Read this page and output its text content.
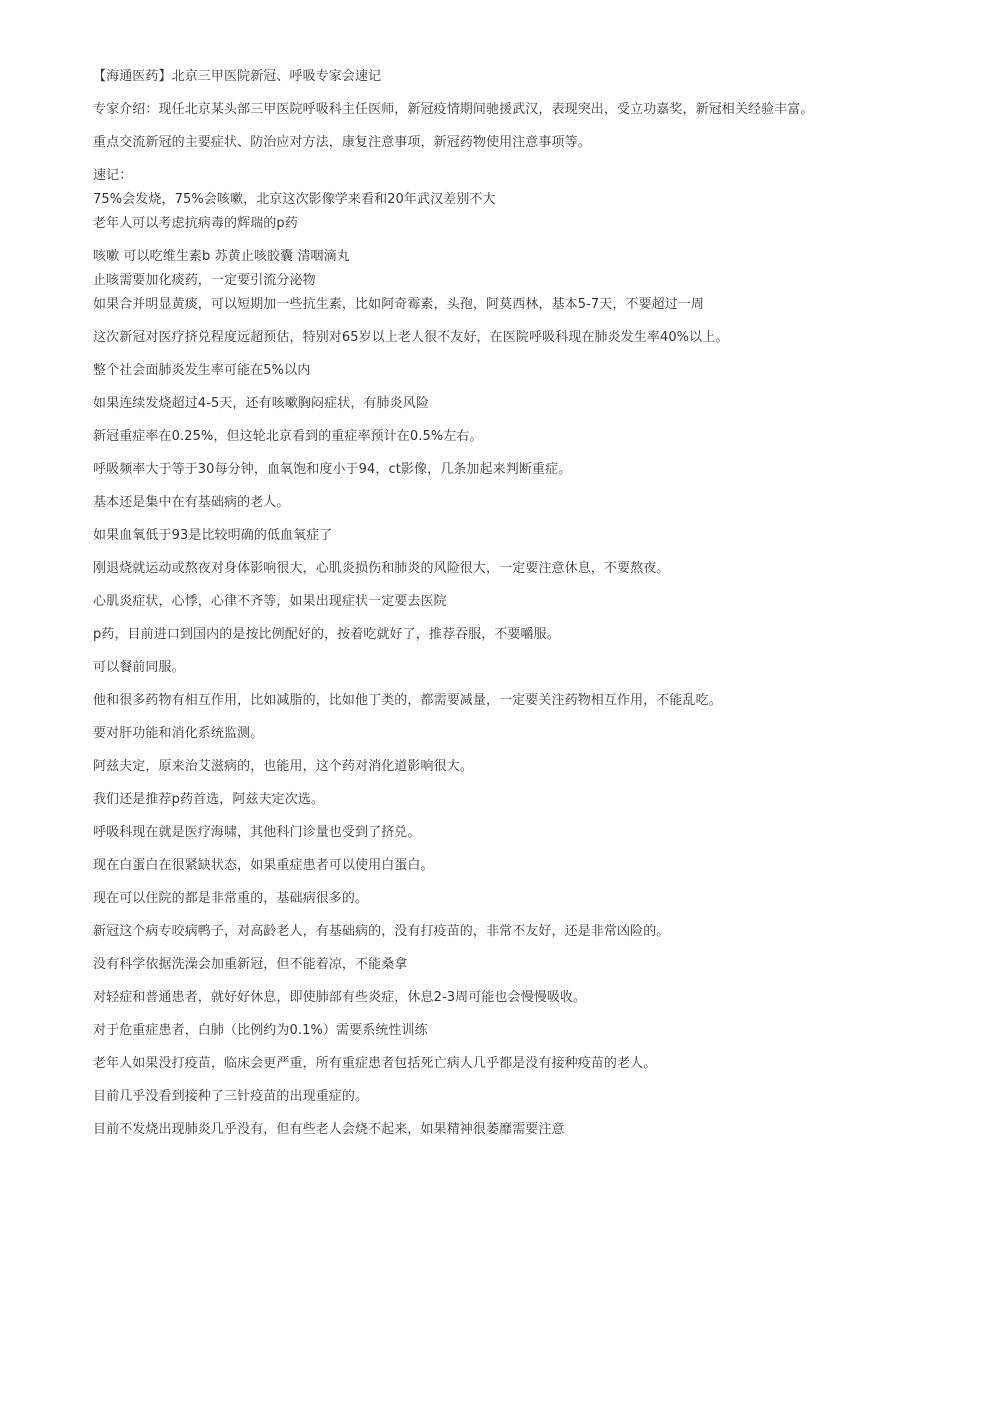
【海通医药】北京三甲医院新冠、呼吸专家会速记
专家介绍：现任北京某头部三甲医院呼吸科主任医师，新冠疫情期间驰援武汉，表现突出，受立功嘉奖，新冠相关经验丰富。
重点交流新冠的主要症状、防治应对方法，康复注意事项，新冠药物使用注意事项等。
速记：
75%会发烧，75%会咳嗽，北京这次影像学来看和20年武汉差别不大
老年人可以考虑抗病毒的辉瑞的p药
咳嗽 可以吃维生素b 苏黄止咳胶囊 清咽滴丸
止咳需要加化痰药，一定要引流分泌物
如果合并明显黄痰，可以短期加一些抗生素，比如阿奇霉素，头孢，阿莫西林，基本5-7天，不要超过一周
这次新冠对医疗挤兑程度远超预估，特别对65岁以上老人很不友好，在医院呼吸科现在肺炎发生率40%以上。
整个社会面肺炎发生率可能在5%以内
如果连续发烧超过4-5天，还有咳嗽胸闷症状，有肺炎风险
新冠重症率在0.25%，但这轮北京看到的重症率预计在0.5%左右。
呼吸频率大于等于30每分钟，血氧饱和度小于94，ct影像，几条加起来判断重症。
基本还是集中在有基础病的老人。
如果血氧低于93是比较明确的低血氧症了
刚退烧就运动或熬夜对身体影响很大，心肌炎损伤和肺炎的风险很大，一定要注意休息，不要熬夜。
心肌炎症状，心悸，心律不齐等，如果出现症状一定要去医院
p药，目前进口到国内的是按比例配好的，按着吃就好了，推荐吞服，不要嚼服。
可以餐前同服。
他和很多药物有相互作用，比如减脂的，比如他丁类的，都需要减量，一定要关注药物相互作用，不能乱吃。
要对肝功能和消化系统监测。
阿兹夫定，原来治艾滋病的，也能用，这个药对消化道影响很大。
我们还是推荐p药首选，阿兹夫定次选。
呼吸科现在就是医疗海啸，其他科门诊量也受到了挤兑。
现在白蛋白在很紧缺状态，如果重症患者可以使用白蛋白。
现在可以住院的都是非常重的，基础病很多的。
新冠这个病专咬病鸭子，对高龄老人，有基础病的，没有打疫苗的，非常不友好，还是非常凶险的。
没有科学依据洗澡会加重新冠，但不能着凉，不能桑拿
对轻症和普通患者，就好好休息，即使肺部有些炎症，休息2-3周可能也会慢慢吸收。
对于危重症患者，白肺（比例约为0.1%）需要系统性训练
老年人如果没打疫苗，临床会更严重，所有重症患者包括死亡病人几乎都是没有接种疫苗的老人。
目前几乎没看到接种了三针疫苗的出现重症的。
目前不发烧出现肺炎几乎没有，但有些老人会烧不起来，如果精神很萎靡需要注意
